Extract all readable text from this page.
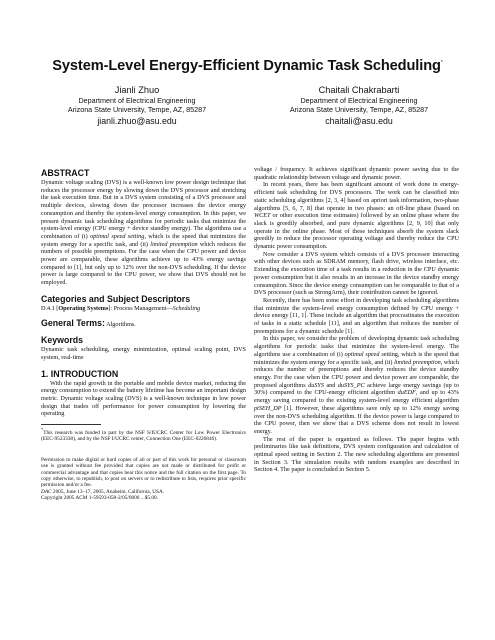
System-Level Energy-Efficient Dynamic Task Scheduling*
Jianli Zhuo
Department of Electrical Engineering
Arizona State University, Tempe, AZ, 85287
jianli.zhuo@asu.edu
Chaitali Chakrabarti
Department of Electrical Engineering
Arizona State University, Tempe, AZ, 85287
chaitali@asu.edu
ABSTRACT

Dynamic voltage scaling (DVS) is a well-known low power design technique that reduces the processor energy by slowing down the DVS processor and stretching the task execution time. But in a DVS system consisting of a DVS processor and multiple devices, slowing down the processor increases the device energy consumption and thereby the system-level energy consumption. In this paper, we present dynamic task scheduling algorithms for periodic tasks that minimize the system-level energy (CPU energy + device standby energy). The algorithms use a combination of (i) optimal speed setting, which is the speed that minimizes the system energy for a specific task, and (ii) limited preemption which reduces the numbers of possible preemptions. For the case when the CPU power and device power are comparable, these algorithms achieve up to 43% energy savings compared to [1], but only up to 12% over the non-DVS scheduling. If the device power is large compared to the CPU power, we show that DVS should not be employed.

Categories and Subject Descriptors

D.4.1 [Operating Systems]: Process Management—Scheduling

General Terms: Algorithms.

Keywords

Dynamic task scheduling, energy minimization, optimal scaling point, DVS system, real-time

1. INTRODUCTION

With the rapid growth in the portable and mobile device market, reducing the energy consumption to extend the battery lifetime has become an important design metric. Dynamic voltage scaling (DVS) is a well-known technique in low power design that trades off performance for power consumption by lowering the operating

*This research was funded in part by the NSF S/IUCRC Center for Low Power Electronics (EEC-9523338), and by the NSF I/UCRC center, Connection One (EEC-0226846).

Permission to make digital or hard copies of all or part of this work for personal or classroom use is granted without fee provided that copies are not made or distributed for profit or commercial advantage and that copies bear this notice and the full citation on the first page. To copy otherwise, to republish, to post on servers or to redistribute to lists, requires prior specific permission and/or a fee.

DAC 2005, June 13–17, 2005, Anaheim, California, USA.

Copyright 2005 ACM 1-59593-058-2/05/0006 ...$5.00.

voltage / frequency. It achieves significant dynamic power saving due to the quadratic relationship between voltage and dynamic power.

In recent years, there has been significant amount of work done in energy-efficient task scheduling for DVS processors. The work can be classified into static scheduling algorithms [2, 3, 4] based on apriori task information, two-phase algorithms [5, 6, 7, 8] that operate in two phases: an off-line phase (based on WCET or other execution time estimates) followed by an online phase where the slack is greedily absorbed, and pure dynamic algorithms [2, 9, 10] that only operate in the online phase. Most of these techniques absorb the system slack greedily to reduce the processor operating voltage and thereby reduce the CPU dynamic power consumption.

Now consider a DVS system which consists of a DVS processor interacting with other devices such as SDRAM memory, flash drive, wireless interface, etc. Extending the execution time of a task results in a reduction in the CPU dynamic power consumption but it also results in an increase in the device standby energy consumption. Since the device energy consumption can be comparable to that of a DVS processor (such as StrongArm), their contribution cannot be ignored.

Recently, there has been some effort in developing task scheduling algorithms that minimize the system-level energy consumption defined by CPU energy + device energy [11, 1]. These include an algorithm that procrastinates the execution of tasks in a static schedule [11], and an algorithm that reduces the number of preemptions for a dynamic schedule [1].

In this paper, we consider the problem of developing dynamic task scheduling algorithms for periodic tasks that minimize the system-level energy. The algorithms use a combination of (i) optimal speed setting, which is the speed that minimizes the system energy for a specific task, and (ii) limited preemption, which reduces the number of preemptions and thereby reduces the device standby energy. For the case when the CPU power and device power are comparable, the proposed algorithms duSYS and duSYS_PC achieve large energy savings (up to 30%) compared to the CPU-energy efficient algorithm duEDF, and up to 43% energy saving compared to the existing system-level energy efficient algorithm ptSEH_DP [1]. However, these algorithms save only up to 12% energy saving over the non-DVS scheduling algorithm. If the device power is large compared to the CPU power, then we show that a DVS scheme does not result in lowest energy.

The rest of the paper is organized as follows. The paper begins with preliminaries like task definitions, DVS system configuration and calculation of optimal speed setting in Section 2. The new scheduling algorithms are presented in Section 3. The simulation results with random examples are described in Section 4. The paper is concluded in Section 5.
